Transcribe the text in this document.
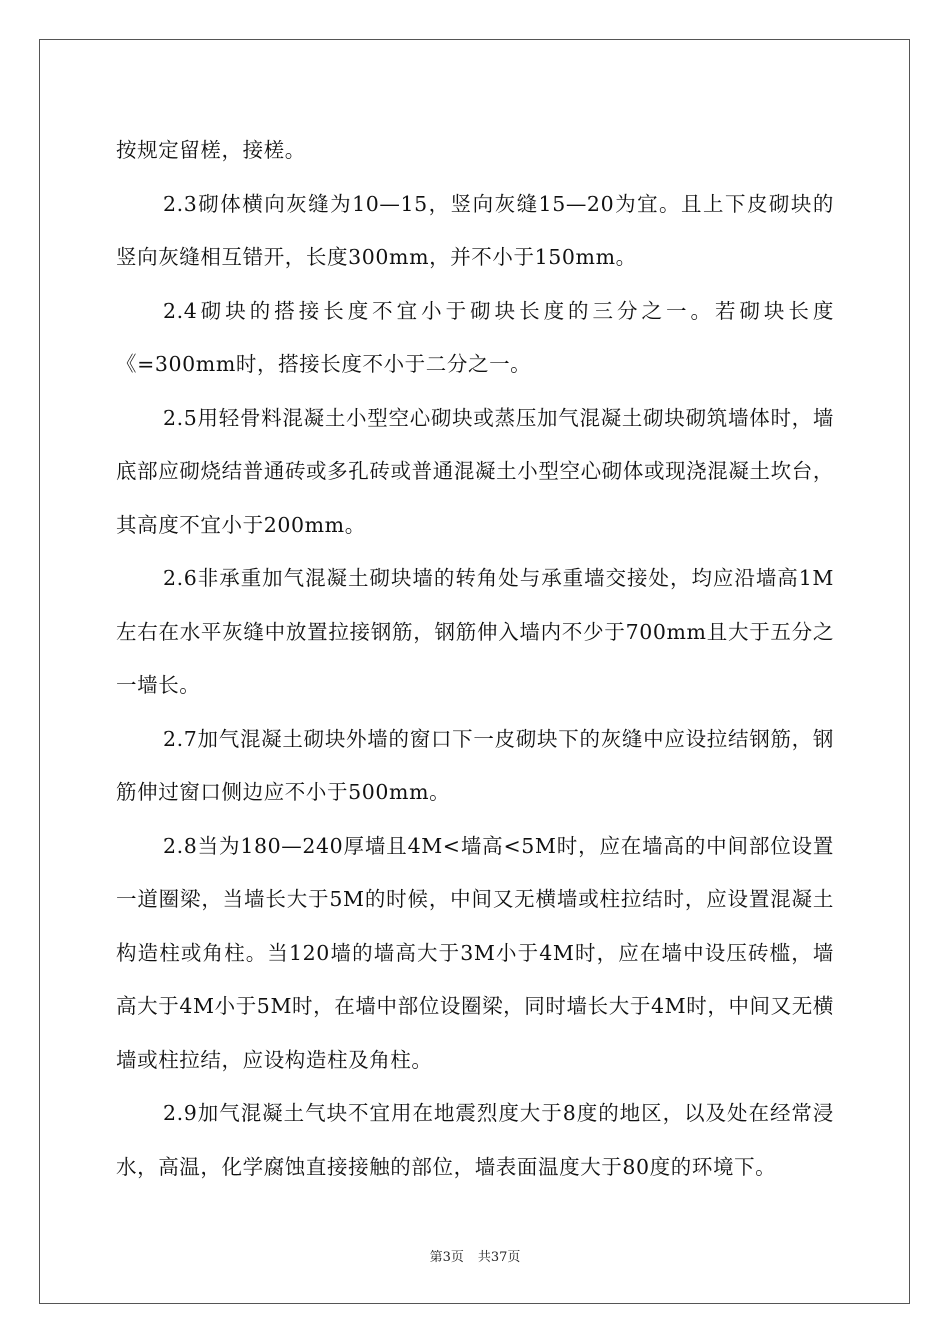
按规定留槎，接槎。

2.3砌体横向灰缝为10—15，竖向灰缝15—20为宜。且上下皮砌块的竖向灰缝相互错开，长度300mm，并不小于150mm。

2.4砌块的搭接长度不宜小于砌块长度的三分之一。若砌块长度《=300mm时，搭接长度不小于二分之一。

2.5用轻骨料混凝土小型空心砌块或蒸压加气混凝土砌块砌筑墙体时，墙底部应砌烧结普通砖或多孔砖或普通混凝土小型空心砌体或现浇混凝土坎台，其高度不宜小于200mm。

2.6非承重加气混凝土砌块墙的转角处与承重墙交接处，均应沿墙高1M左右在水平灰缝中放置拉接钢筋，钢筋伸入墙内不少于700mm且大于五分之一墙长。

2.7加气混凝土砌块外墙的窗口下一皮砌块下的灰缝中应设拉结钢筋，钢筋伸过窗口侧边应不小于500mm。

2.8当为180—240厚墙且4M<墙高<5M时，应在墙高的中间部位设置一道圈梁，当墙长大于5M的时候，中间又无横墙或柱拉结时，应设置混凝土构造柱或角柱。当120墙的墙高大于3M小于4M时，应在墙中设压砖槛，墙高大于4M小于5M时，在墙中部位设圈梁，同时墙长大于4M时，中间又无横墙或柱拉结，应设构造柱及角柱。

2.9加气混凝土气块不宜用在地震烈度大于8度的地区，以及处在经常浸水，高温，化学腐蚀直接接触的部位，墙表面温度大于80度的环境下。

第3页 共37页
